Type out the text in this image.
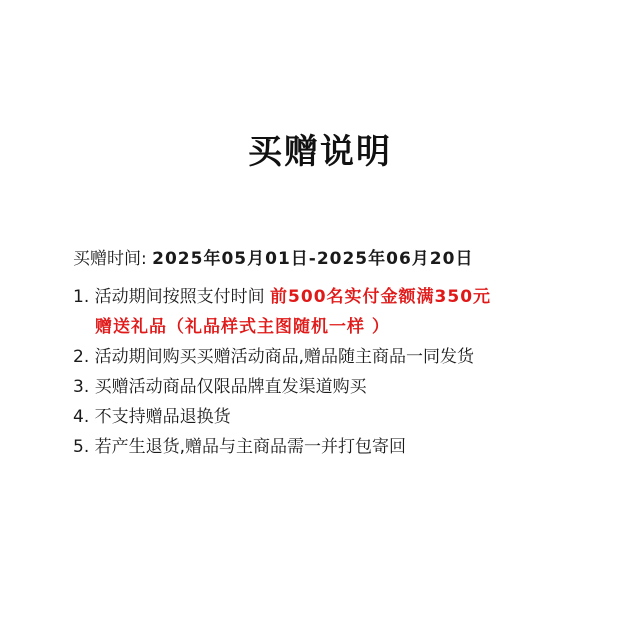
买赠说明
买赠时间: 2025年05月01日-2025年06月20日
1. 活动期间按照支付时间 前500名实付金额满350元
赠送礼品（礼品样式主图随机一样 ）
2. 活动期间购买买赠活动商品,赠品随主商品一同发货
3. 买赠活动商品仅限品牌直发渠道购买
4. 不支持赠品退换货
5. 若产生退货,赠品与主商品需一并打包寄回
